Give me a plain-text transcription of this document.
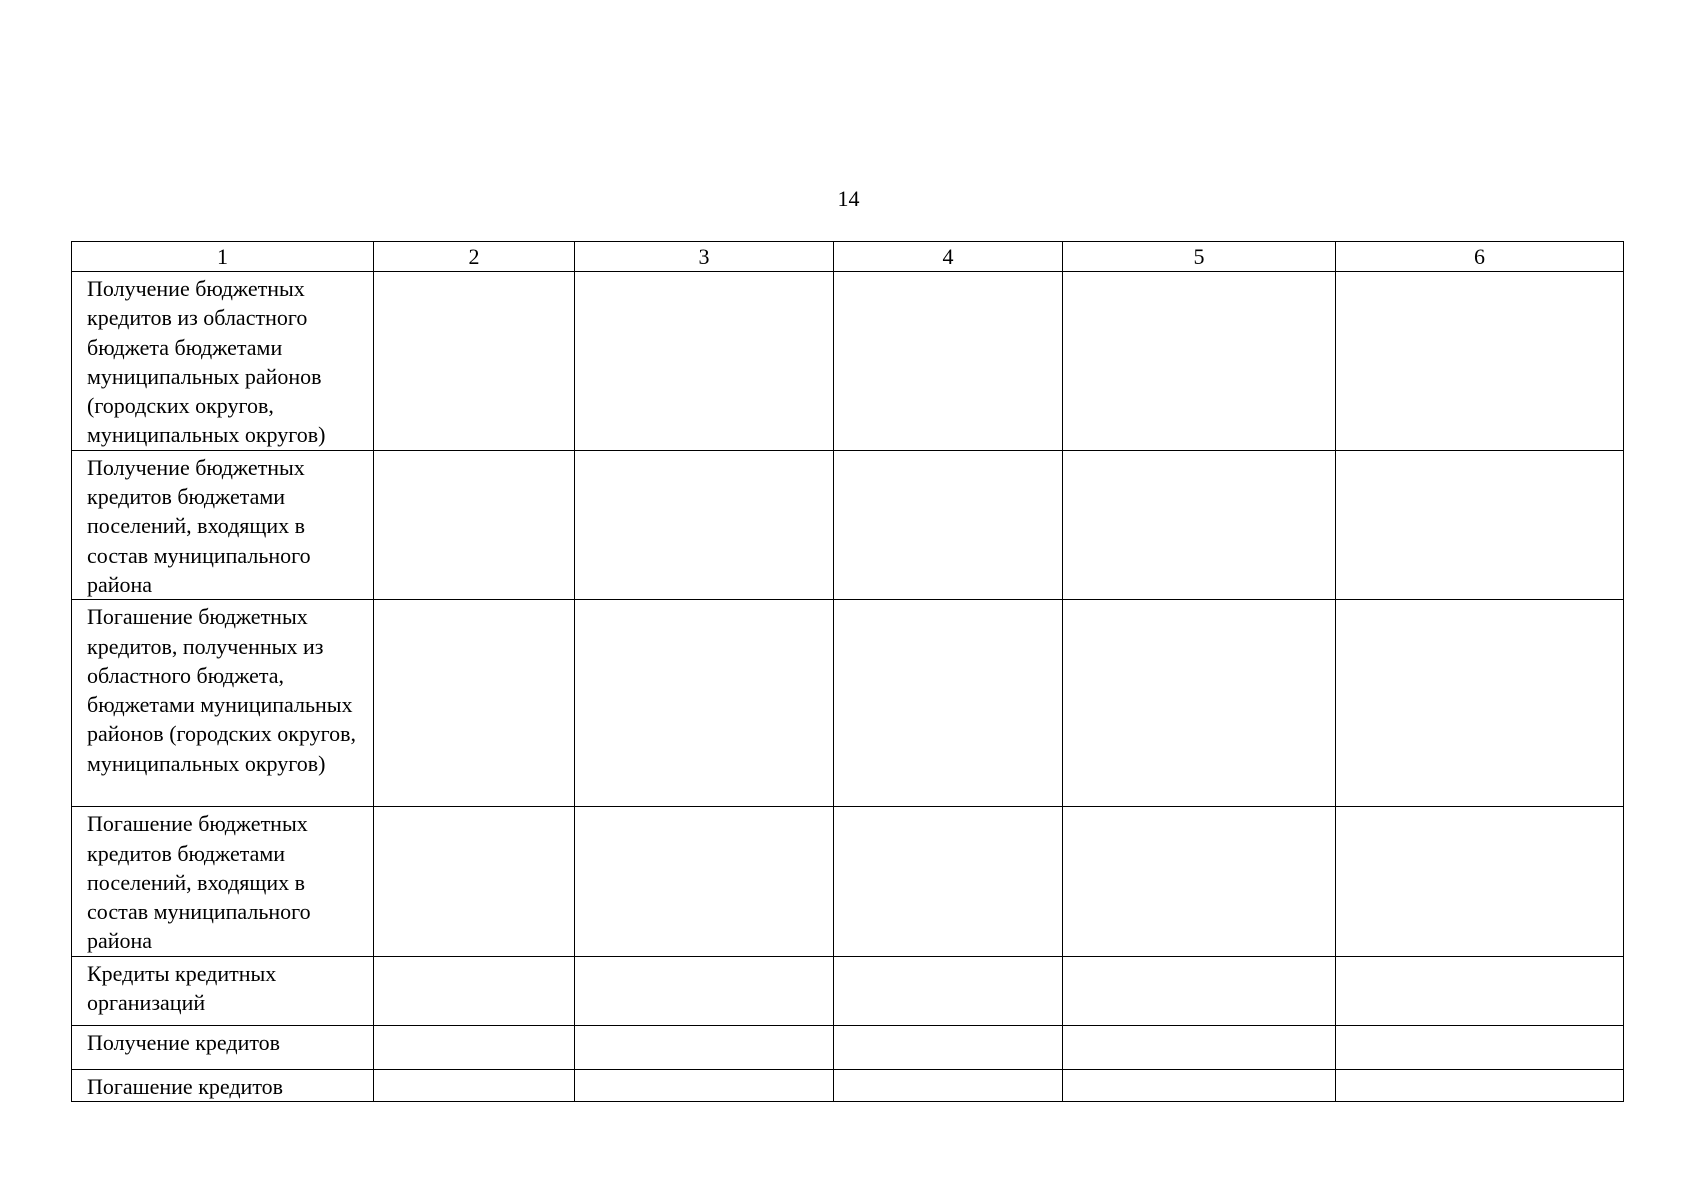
14
1	2	3	4	5	6
Получение бюджетных кредитов из областного бюджета бюджетами муниципальных районов (городских округов, муниципальных округов)					
Получение бюджетных кредитов бюджетами поселений, входящих в состав муниципального района					
Погашение бюджетных кредитов, полученных из областного бюджета, бюджетами муниципальных районов (городских округов, муниципальных округов)					
Погашение бюджетных кредитов бюджетами поселений, входящих в состав муниципального района					
Кредиты кредитных организаций					
Получение кредитов					
Погашение кредитов					
